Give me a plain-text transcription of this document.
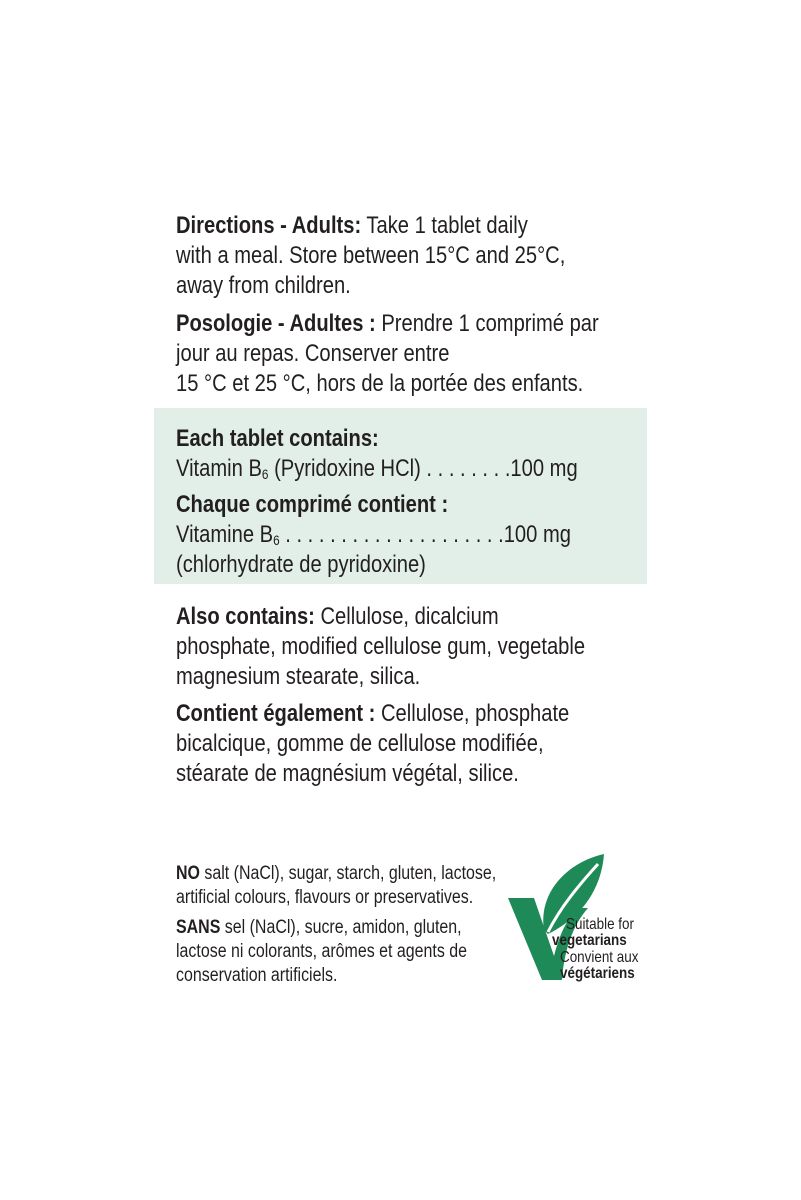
Directions - Adults: Take 1 tablet daily

with a meal. Store between 15°C and 25°C,

away from children.

Posologie - Adultes : Prendre 1 comprimé par

jour au repas. Conserver entre

15 °C et 25 °C, hors de la portée des enfants.

Each tablet contains:

Vitamin $B_6$ (Pyridoxine HCl) . . . . . . . .100 mg

Chaque comprimé contient :

Vitamine $B_6$ . . . . . . . . . . . . . . . . . . . .100 mg

(chlorhydrate de pyridoxine)

Also contains: Cellulose, dicalcium

phosphate, modified cellulose gum, vegetable

magnesium stearate, silica.

Contient également : Cellulose, phosphate

bicalcique, gomme de cellulose modifiée,

stéarate de magnésium végétal, silice.

NO salt (NaCl), sugar, starch, gluten, lactose,

artificial colours, flavours or preservatives.

SANS sel (NaCl), sucre, amidon, gluten,

lactose ni colorants, arômes et agents de

conservation artificiels.

Suitable for
vegetarians
Convient aux
végétariens
